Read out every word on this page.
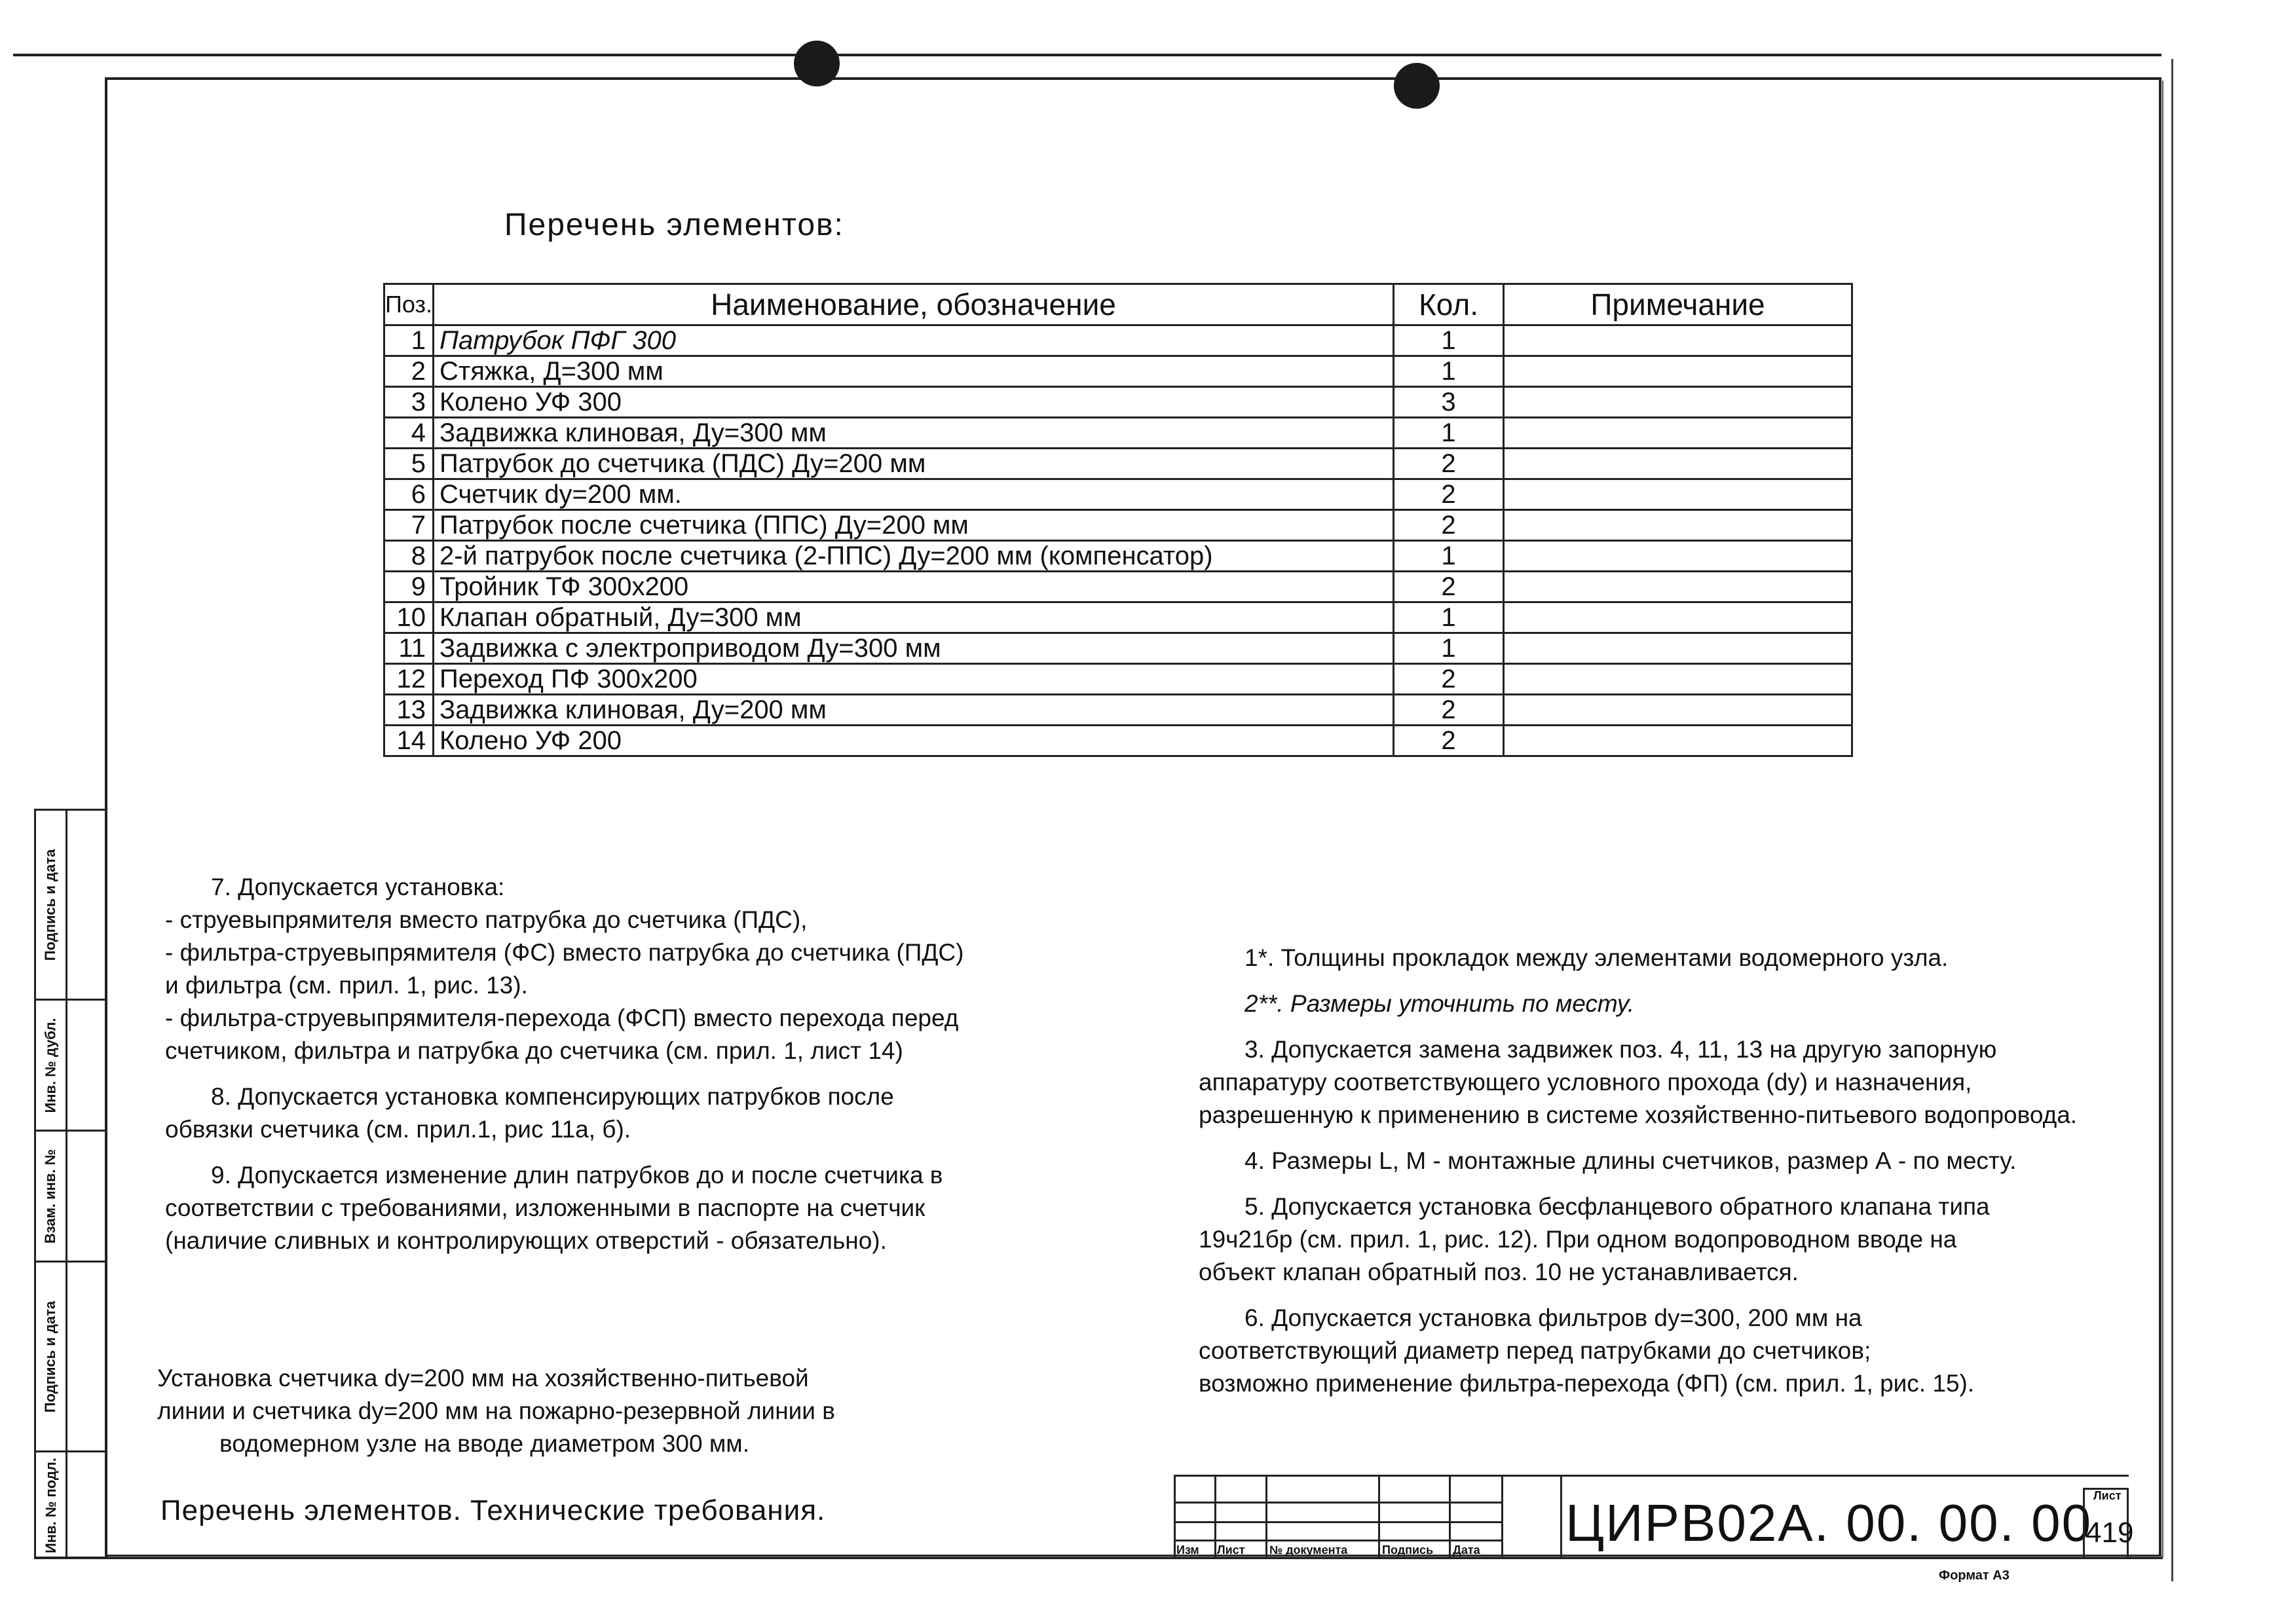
Подпись и дата
Инв. № дубл.
Взам. инв. №
Подпись и дата
Инв. № подл.
Перечень элементов:
Поз.	Наименование, обозначение	Кол.	Примечание
1	Патрубок ПФГ 300	1	
2	Стяжка, Д=300 мм	1	
3	Колено УФ 300	3	
4	Задвижка клиновая, Ду=300 мм	1	
5	Патрубок до счетчика (ПДС) Ду=200 мм	2	
6	Счетчик dy=200 мм.	2	
7	Патрубок после счетчика (ППС) Ду=200 мм	2	
8	2-й патрубок после счетчика (2-ППС) Ду=200 мм (компенсатор)	1	
9	Тройник ТФ 300х200	2	
10	Клапан обратный, Ду=300 мм	1	
11	Задвижка с электроприводом Ду=300 мм	1	
12	Переход ПФ 300х200	2	
13	Задвижка клиновая, Ду=200 мм	2	
14	Колено УФ 200	2	

7. Допускается установка:
- струевыпрямителя вместо патрубка до счетчика (ПДС),
- фильтра-струевыпрямителя (ФС) вместо патрубка до счетчика (ПДС)
и фильтра (см. прил. 1, рис. 13).
- фильтра-струевыпрямителя-перехода (ФСП) вместо перехода перед
счетчиком, фильтра и патрубка до счетчика (см. прил. 1, лист 14)

8. Допускается установка компенсирующих патрубков после
обвязки счетчика (см. прил.1, рис 11а, б).

9. Допускается изменение длин патрубков до и после счетчика в
соответствии с требованиями, изложенными в паспорте на счетчик
(наличие сливных и контролирующих отверстий - обязательно).

1*. Толщины прокладок между элементами водомерного узла.

2**. Размеры уточнить по месту.

3. Допускается замена задвижек поз. 4, 11, 13 на другую запорную
аппаратуру соответствующего условного прохода (dy) и назначения,
разрешенную к применению в системе хозяйственно-питьевого водопровода.

4. Размеры L, M - монтажные длины счетчиков, размер А - по месту.

5. Допускается установка бесфланцевого обратного клапана типа
19ч21бр (см. прил. 1, рис. 12). При одном водопроводном вводе на
объект клапан обратный поз. 10 не устанавливается.

6. Допускается установка фильтров dy=300, 200 мм на
соответствующий диаметр перед патрубками до счетчиков;
возможно применение фильтра-перехода (ФП) (см. прил. 1, рис. 15).

Установка счетчика dy=200 мм на хозяйственно-питьевой
линии и счетчика dy=200 мм на пожарно-резервной линии в
водомерном узле на вводе диаметром 300 мм.
Перечень элементов. Технические требования.
Изм Лист № документа	Подпись Дата ЦИРВ02А. 00. 00. 00 Лист
419
Формат А3
